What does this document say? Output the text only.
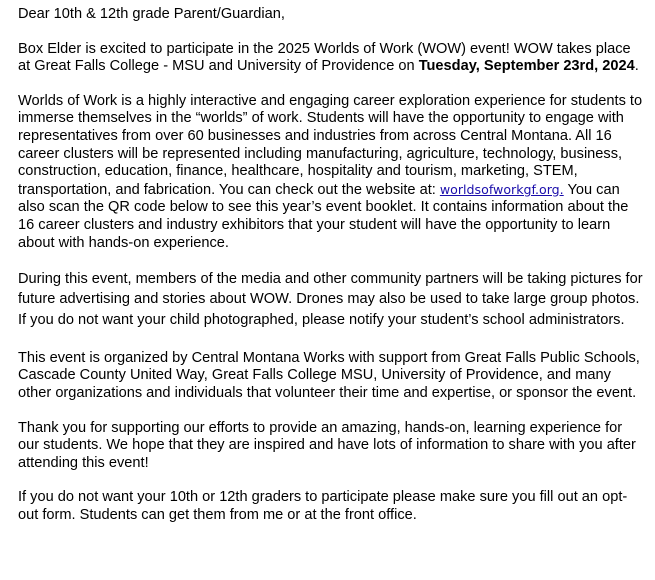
Dear 10th & 12th grade Parent/Guardian,

Box Elder is excited to participate in the 2025 Worlds of Work (WOW) event! WOW takes place at Great Falls College - MSU and University of Providence on Tuesday, September 23rd, 2024.

Worlds of Work is a highly interactive and engaging career exploration experience for students to immerse themselves in the “worlds” of work. Students will have the opportunity to engage with representatives from over 60 businesses and industries from across Central Montana. All 16 career clusters will be represented including manufacturing, agriculture, technology, business, construction, education, finance, healthcare, hospitality and tourism, marketing, STEM, transportation, and fabrication. You can check out the website at: worldsofworkgf.org. You can also scan the QR code below to see this year’s event booklet. It contains information about the 16 career clusters and industry exhibitors that your student will have the opportunity to learn about with hands-on experience.

During this event, members of the media and other community partners will be taking pictures for future advertising and stories about WOW. Drones may also be used to take large group photos. If you do not want your child photographed, please notify your student’s school administrators.

This event is organized by Central Montana Works with support from Great Falls Public Schools, Cascade County United Way, Great Falls College MSU, University of Providence, and many other organizations and individuals that volunteer their time and expertise, or sponsor the event.

Thank you for supporting our efforts to provide an amazing, hands-on, learning experience for our students. We hope that they are inspired and have lots of information to share with you after attending this event!

If you do not want your 10th or 12th graders to participate please make sure you fill out an opt-out form. Students can get them from me or at the front office.
